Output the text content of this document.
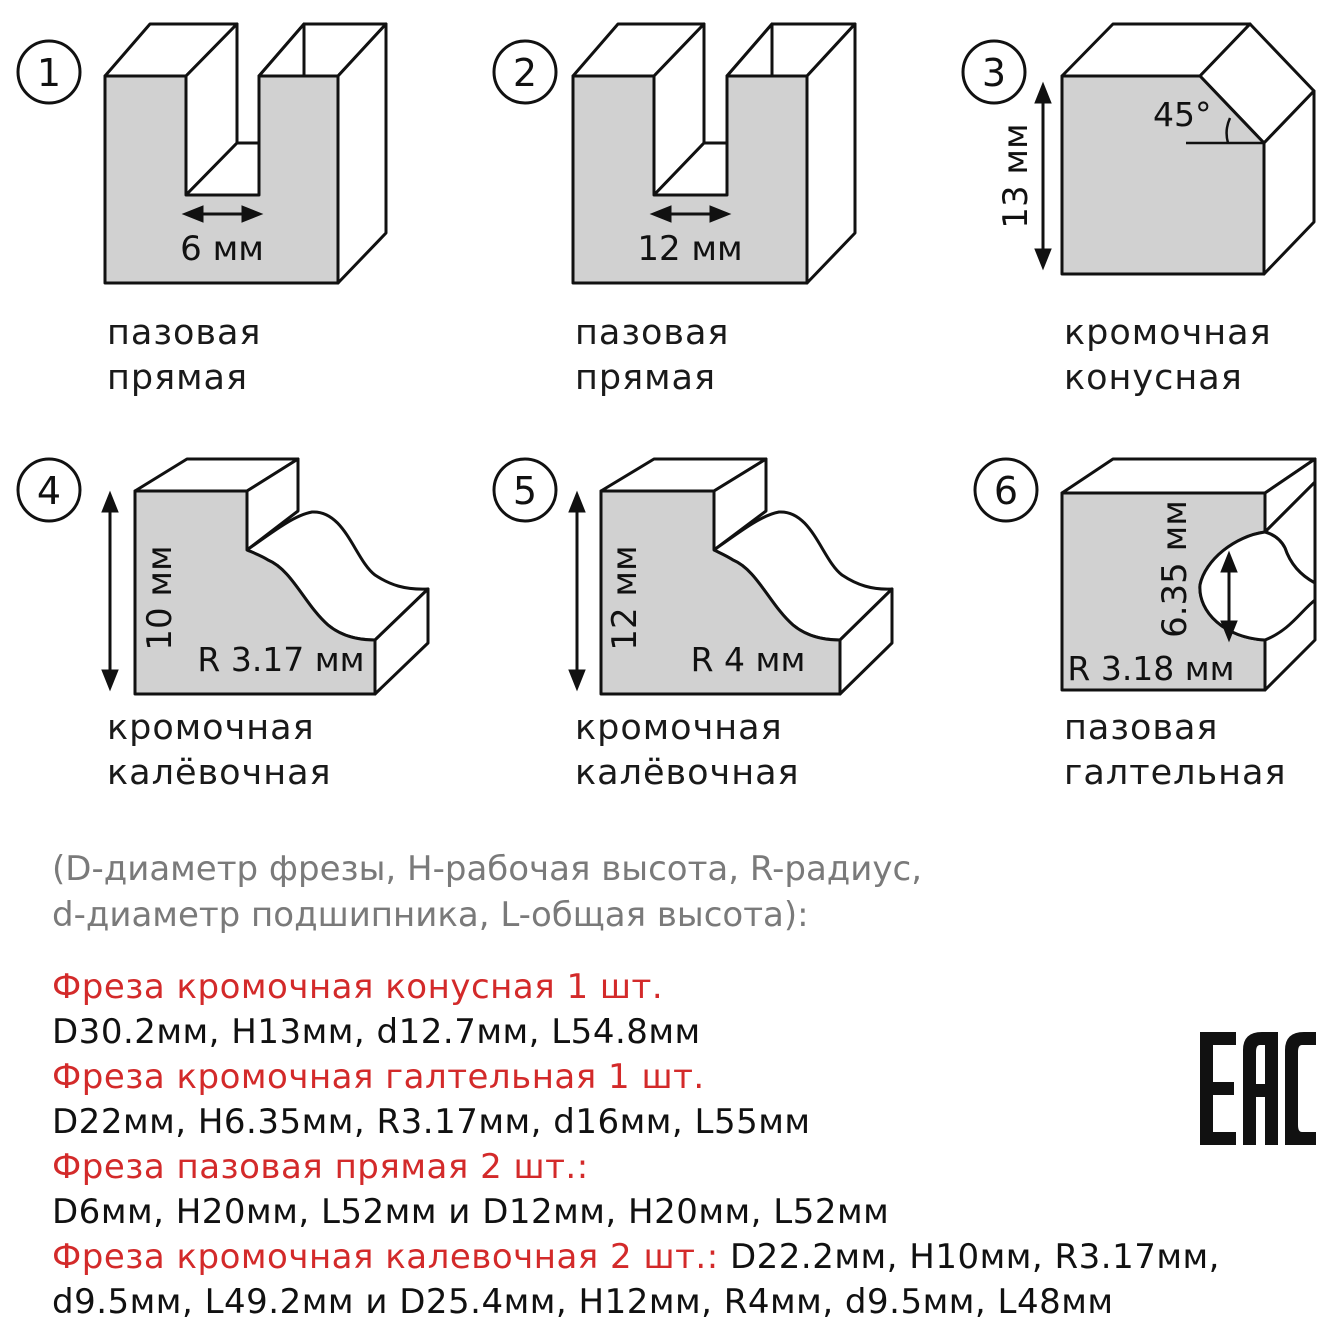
1
6 мм
2
12 мм
3
45°
13 мм
4
10 мм
R 3.17 мм
5
12 мм
R 4 мм
6
6.35 мм
R 3.18 мм
пазовая
прямая
пазовая
прямая
кромочная
конусная
кромочная
калёвочная
кромочная
калёвочная
пазовая
галтельная
(D-диаметр фрезы, H-рабочая высота, R-радиус,
d-диаметр подшипника, L-общая высота):
Фреза кромочная конусная 1 шт.
D30.2мм, H13мм, d12.7мм, L54.8мм
Фреза кромочная галтельная 1 шт.
D22мм, H6.35мм, R3.17мм, d16мм, L55мм
Фреза пазовая прямая 2 шт.:
D6мм, H20мм, L52мм и D12мм, H20мм, L52мм
Фреза кромочная калевочная 2 шт.: D22.2мм, H10мм, R3.17мм,
d9.5мм, L49.2мм и D25.4мм, H12мм, R4мм, d9.5мм, L48мм
